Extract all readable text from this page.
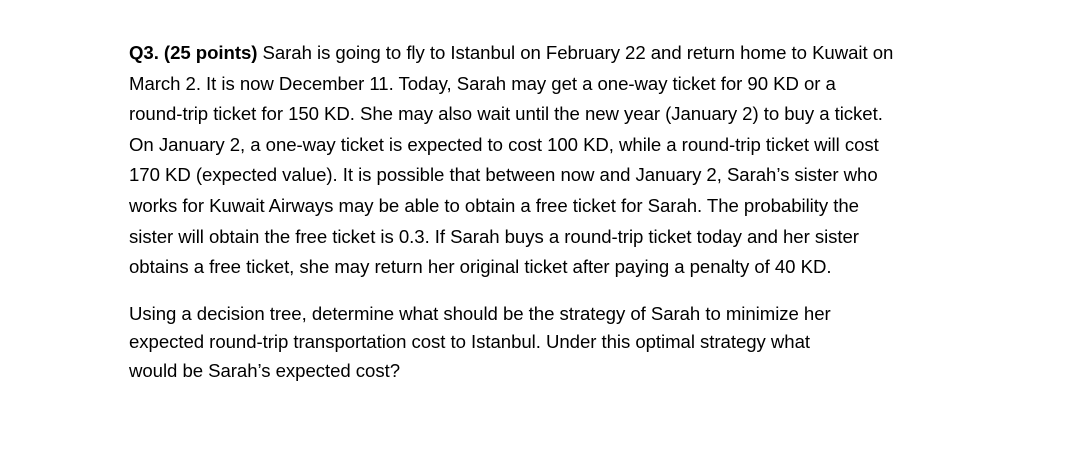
Q3. (25 points) Sarah is going to fly to Istanbul on February 22 and return home to Kuwait on
March 2. It is now December 11. Today, Sarah may get a one-way ticket for 90 KD or a
round-trip ticket for 150 KD. She may also wait until the new year (January 2) to buy a ticket.
On January 2, a one-way ticket is expected to cost 100 KD, while a round-trip ticket will cost
170 KD (expected value). It is possible that between now and January 2, Sarah’s sister who
works for Kuwait Airways may be able to obtain a free ticket for Sarah. The probability the
sister will obtain the free ticket is 0.3. If Sarah buys a round-trip ticket today and her sister
obtains a free ticket, she may return her original ticket after paying a penalty of 40 KD.

Using a decision tree, determine what should be the strategy of Sarah to minimize her
expected round-trip transportation cost to Istanbul. Under this optimal strategy what
would be Sarah’s expected cost?
